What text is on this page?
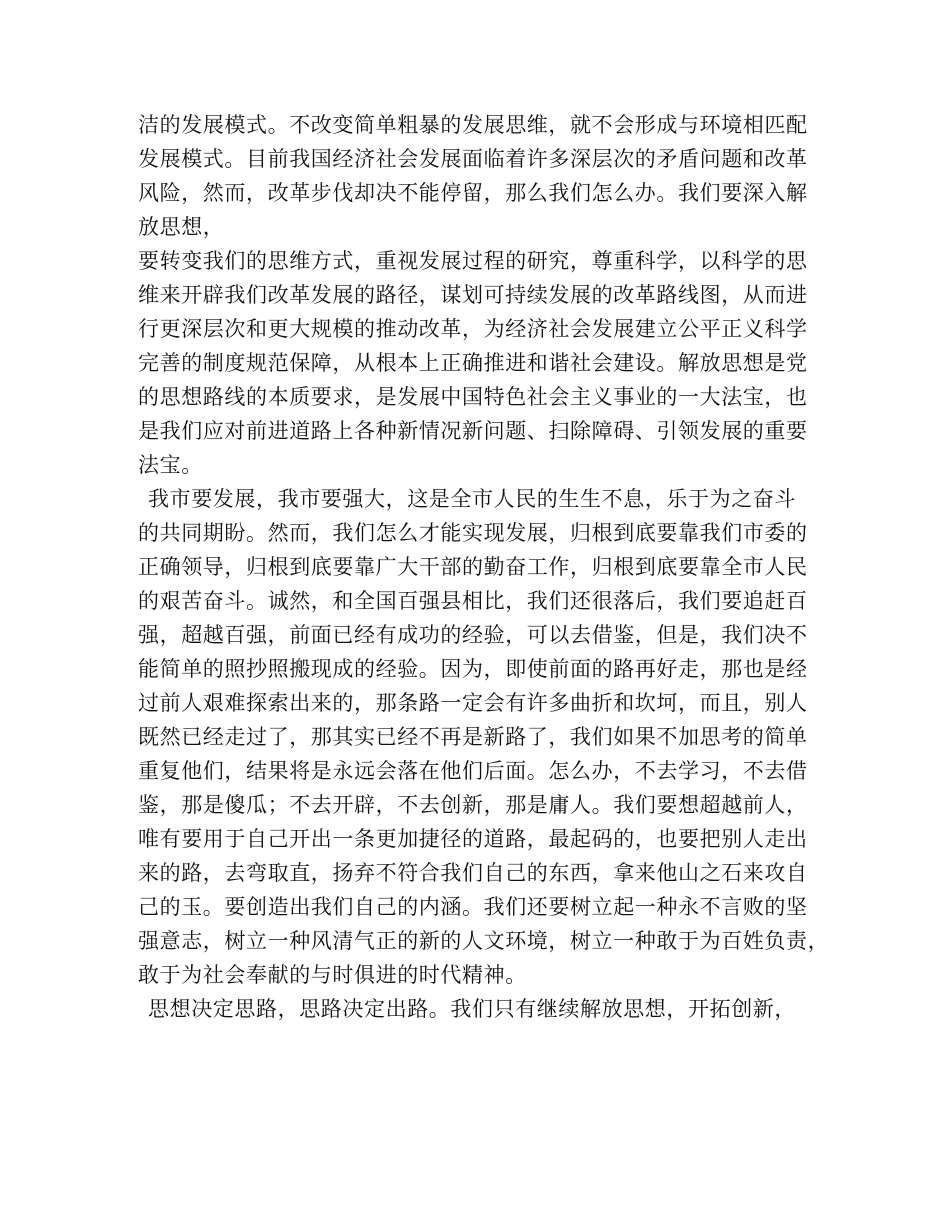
洁的发展模式。不改变简单粗暴的发展思维，就不会形成与环境相匹配
发展模式。目前我国经济社会发展面临着许多深层次的矛盾问题和改革
风险，然而，改革步伐却决不能停留，那么我们怎么办。我们要深入解
放思想，
要转变我们的思维方式，重视发展过程的研究，尊重科学，以科学的思
维来开辟我们改革发展的路径，谋划可持续发展的改革路线图，从而进
行更深层次和更大规模的推动改革，为经济社会发展建立公平正义科学
完善的制度规范保障，从根本上正确推进和谐社会建设。解放思想是党
的思想路线的本质要求，是发展中国特色社会主义事业的一大法宝，也
是我们应对前进道路上各种新情况新问题、扫除障碍、引领发展的重要
法宝。
我市要发展，我市要强大，这是全市人民的生生不息，乐于为之奋斗
的共同期盼。然而，我们怎么才能实现发展，归根到底要靠我们市委的
正确领导，归根到底要靠广大干部的勤奋工作，归根到底要靠全市人民
的艰苦奋斗。诚然，和全国百强县相比，我们还很落后，我们要追赶百
强，超越百强，前面已经有成功的经验，可以去借鉴，但是，我们决不
能简单的照抄照搬现成的经验。因为，即使前面的路再好走，那也是经
过前人艰难探索出来的，那条路一定会有许多曲折和坎坷，而且，别人
既然已经走过了，那其实已经不再是新路了，我们如果不加思考的简单
重复他们，结果将是永远会落在他们后面。怎么办，不去学习，不去借
鉴，那是傻瓜；不去开辟，不去创新，那是庸人。我们要想超越前人，
唯有要用于自己开出一条更加捷径的道路，最起码的，也要把别人走出
来的路，去弯取直，扬弃不符合我们自己的东西，拿来他山之石来攻自
己的玉。要创造出我们自己的内涵。我们还要树立起一种永不言败的坚
强意志，树立一种风清气正的新的人文环境，树立一种敢于为百姓负责，
敢于为社会奉献的与时俱进的时代精神。
思想决定思路，思路决定出路。我们只有继续解放思想，开拓创新，
